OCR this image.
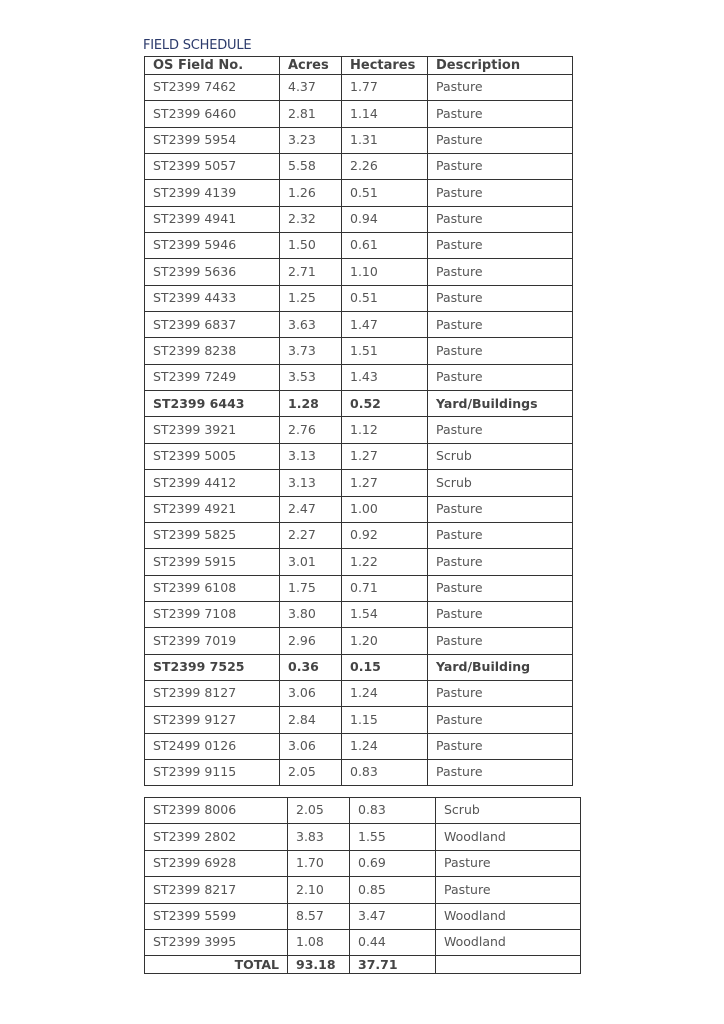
FIELD SCHEDULE
OS Field No.	Acres	Hectares	Description
ST2399 7462	4.37	1.77	Pasture
ST2399 6460	2.81	1.14	Pasture
ST2399 5954	3.23	1.31	Pasture
ST2399 5057	5.58	2.26	Pasture
ST2399 4139	1.26	0.51	Pasture
ST2399 4941	2.32	0.94	Pasture
ST2399 5946	1.50	0.61	Pasture
ST2399 5636	2.71	1.10	Pasture
ST2399 4433	1.25	0.51	Pasture
ST2399 6837	3.63	1.47	Pasture
ST2399 8238	3.73	1.51	Pasture
ST2399 7249	3.53	1.43	Pasture
ST2399 6443	1.28	0.52	Yard/Buildings
ST2399 3921	2.76	1.12	Pasture
ST2399 5005	3.13	1.27	Scrub
ST2399 4412	3.13	1.27	Scrub
ST2399 4921	2.47	1.00	Pasture
ST2399 5825	2.27	0.92	Pasture
ST2399 5915	3.01	1.22	Pasture
ST2399 6108	1.75	0.71	Pasture
ST2399 7108	3.80	1.54	Pasture
ST2399 7019	2.96	1.20	Pasture
ST2399 7525	0.36	0.15	Yard/Building
ST2399 8127	3.06	1.24	Pasture
ST2399 9127	2.84	1.15	Pasture
ST2499 0126	3.06	1.24	Pasture
ST2399 9115	2.05	0.83	Pasture
ST2399 8006	2.05	0.83	Scrub
ST2399 2802	3.83	1.55	Woodland
ST2399 6928	1.70	0.69	Pasture
ST2399 8217	2.10	0.85	Pasture
ST2399 5599	8.57	3.47	Woodland
ST2399 3995	1.08	0.44	Woodland
TOTAL	93.18	37.71	
